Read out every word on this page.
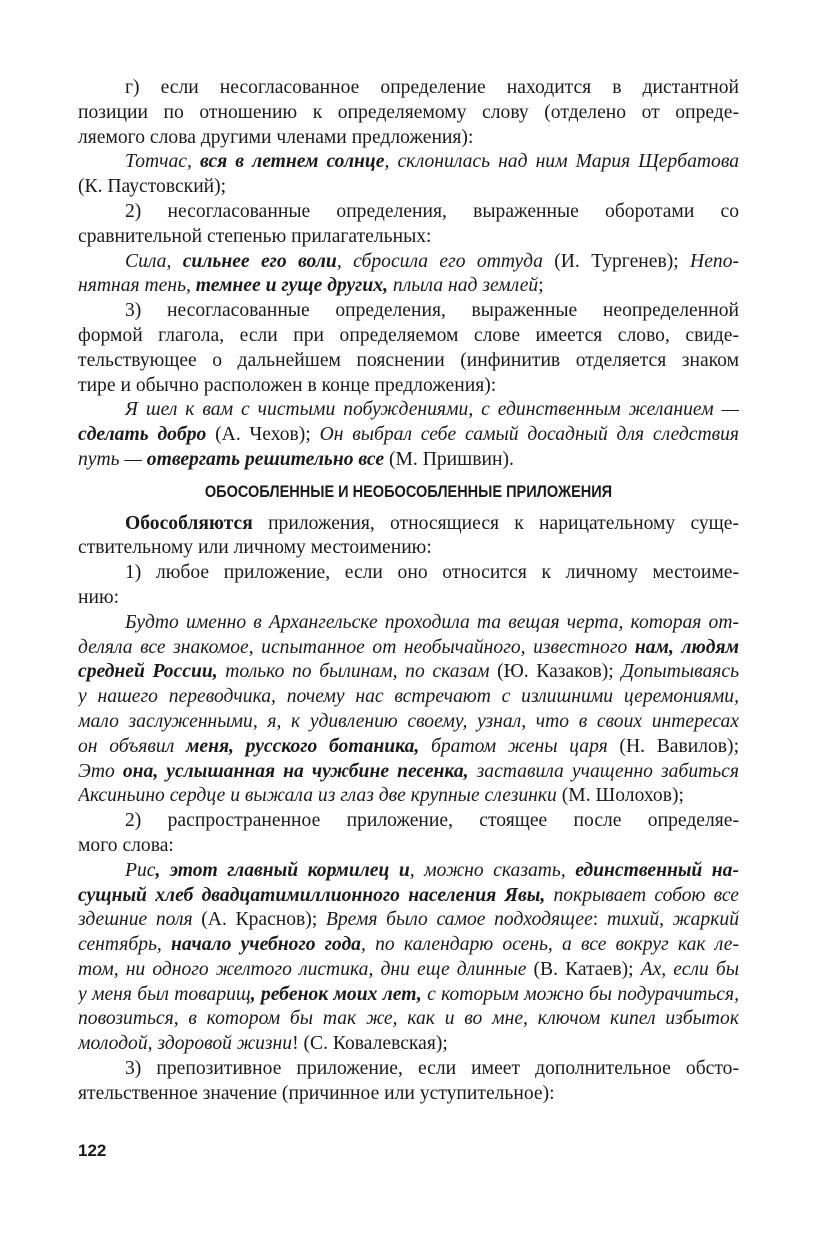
г) если несогласованное определение находится в дистантной
позиции по отношению к определяемому слову (отделено от опреде-
ляемого слова другими членами предложения):
Тотчас, вся в летнем солнце, склонилась над ним Мария Щербатова
(К. Паустовский);
2) несогласованные определения, выраженные оборотами со
сравнительной степенью прилагательных:
Сила, сильнее его воли, сбросила его оттуда (И. Тургенев); Непо-
нятная тень, темнее и гуще других, плыла над землей;
3) несогласованные определения, выраженные неопределенной
формой глагола, если при определяемом слове имеется слово, свиде-
тельствующее о дальнейшем пояснении (инфинитив отделяется знаком
тире и обычно расположен в конце предложения):
Я шел к вам с чистыми побуждениями, с единственным желанием —
сделать добро (А. Чехов); Он выбрал себе самый досадный для следствия
путь — отвергать решительно все (М. Пришвин).
ОБОСОБЛЕННЫЕ И НЕОБОСОБЛЕННЫЕ ПРИЛОЖЕНИЯ
Обособляются приложения, относящиеся к нарицательному суще-
ствительному или личному местоимению:
1) любое приложение, если оно относится к личному местоиме-
нию:
Будто именно в Архангельске проходила та вещая черта, которая от-
деляла все знакомое, испытанное от необычайного, известного нам, людям
средней России, только по былинам, по сказам (Ю. Казаков); Допытываясь
у нашего переводчика, почему нас встречают с излишними церемониями,
мало заслуженными, я, к удивлению своему, узнал, что в своих интересах
он объявил меня, русского ботаника, братом жены царя (Н. Вавилов);
Это она, услышанная на чужбине песенка, заставила учащенно забиться
Аксиньино сердце и выжала из глаз две крупные слезинки (М. Шолохов);
2) распространенное приложение, стоящее после определяе-
мого слова:
Рис, этот главный кормилец и, можно сказать, единственный на-
сущный хлеб двадцатимиллионного населения Явы, покрывает собою все
здешние поля (А. Краснов); Время было самое подходящее: тихий, жаркий
сентябрь, начало учебного года, по календарю осень, а все вокруг как ле-
том, ни одного желтого листика, дни еще длинные (В. Катаев); Ах, если бы
у меня был товарищ, ребенок моих лет, с которым можно бы подурачиться,
повозиться, в котором бы так же, как и во мне, ключом кипел избыток
молодой, здоровой жизни! (С. Ковалевская);
3) препозитивное приложение, если имеет дополнительное обсто-
ятельственное значение (причинное или уступительное):
122
